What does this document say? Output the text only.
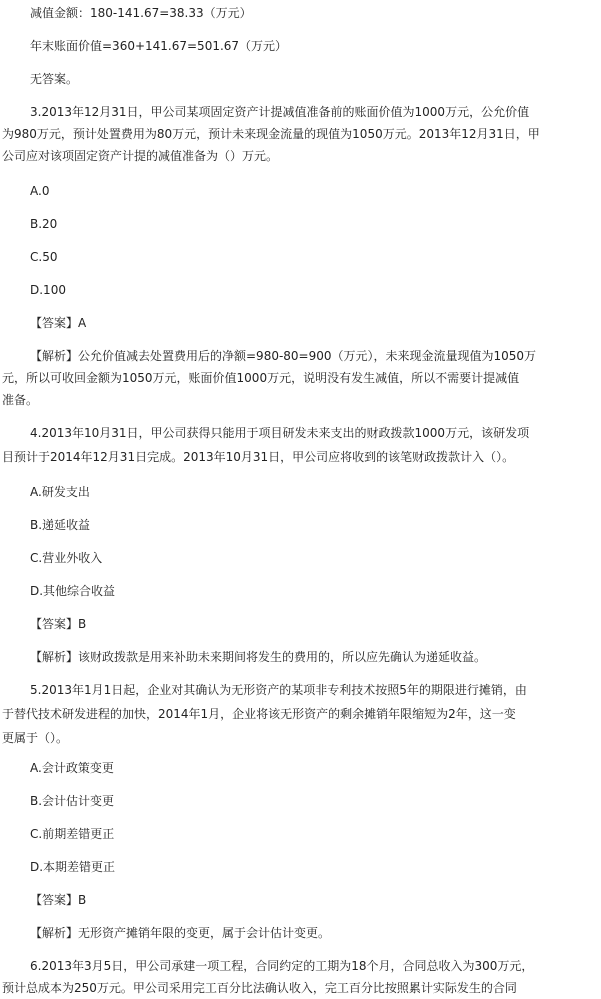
减值金额：180-141.67=38.33（万元）
年末账面价值=360+141.67=501.67（万元）
无答案。
3.2013年12月31日，甲公司某项固定资产计提减值准备前的账面价值为1000万元，公允价值
为980万元，预计处置费用为80万元，预计未来现金流量的现值为1050万元。2013年12月31日，甲
公司应对该项固定资产计提的减值准备为（）万元。
A.0
B.20
C.50
D.100
【答案】A
【解析】公允价值减去处置费用后的净额=980-80=900（万元），未来现金流量现值为1050万
元，所以可收回金额为1050万元，账面价值1000万元，说明没有发生减值，所以不需要计提减值
准备。
4.2013年10月31日，甲公司获得只能用于项目研发未来支出的财政拨款1000万元，该研发项
目预计于2014年12月31日完成。2013年10月31日，甲公司应将收到的该笔财政拨款计入（）。
A.研发支出
B.递延收益
C.营业外收入
D.其他综合收益
【答案】B
【解析】该财政拨款是用来补助未来期间将发生的费用的，所以应先确认为递延收益。
5.2013年1月1日起，企业对其确认为无形资产的某项非专利技术按照5年的期限进行摊销，由
于替代技术研发进程的加快，2014年1月，企业将该无形资产的剩余摊销年限缩短为2年，这一变
更属于（）。
A.会计政策变更
B.会计估计变更
C.前期差错更正
D.本期差错更正
【答案】B
【解析】无形资产摊销年限的变更，属于会计估计变更。
6.2013年3月5日，甲公司承建一项工程，合同约定的工期为18个月，合同总收入为300万元，
预计总成本为250万元。甲公司采用完工百分比法确认收入，完工百分比按照累计实际发生的合同
